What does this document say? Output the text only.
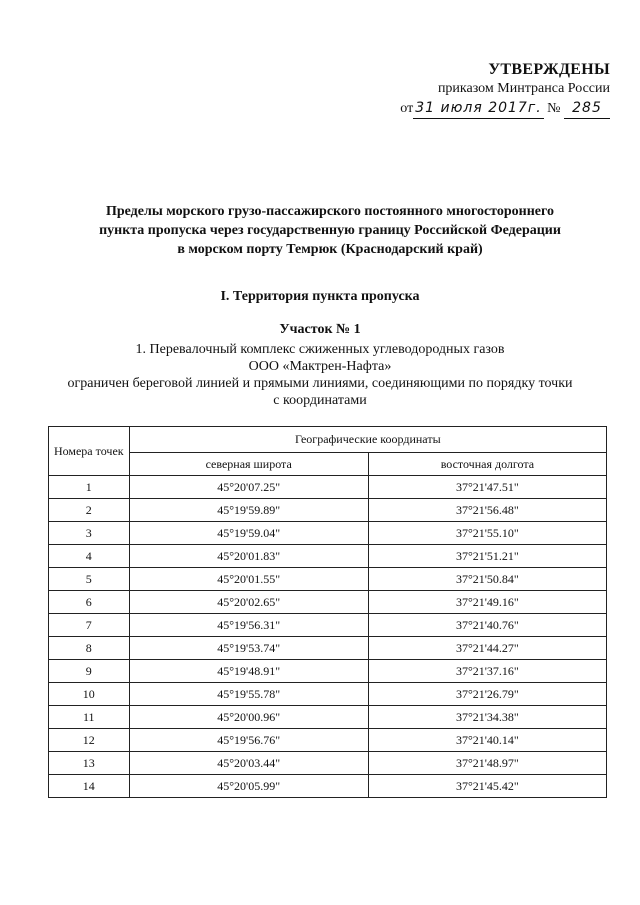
УТВЕРЖДЕНЫ
приказом Минтранса России
от 31 июля 2017г. № 285
Пределы морского грузо-пассажирского постоянного многостороннего
пункта пропуска через государственную границу Российской Федерации
в морском порту Темрюк (Краснодарский край)
I. Территория пункта пропуска
Участок № 1
1. Перевалочный комплекс сжиженных углеводородных газов
ООО «Мактрен-Нафта»
ограничен береговой линией и прямыми линиями, соединяющими по порядку точки
с координатами
Номера точек	Географические координаты	
	северная широта	восточная долгота
1	45°20'07.25"	37°21'47.51"
2	45°19'59.89"	37°21'56.48"
3	45°19'59.04"	37°21'55.10"
4	45°20'01.83"	37°21'51.21"
5	45°20'01.55"	37°21'50.84"
6	45°20'02.65"	37°21'49.16"
7	45°19'56.31"	37°21'40.76"
8	45°19'53.74"	37°21'44.27"
9	45°19'48.91"	37°21'37.16"
10	45°19'55.78"	37°21'26.79"
11	45°20'00.96"	37°21'34.38"
12	45°19'56.76"	37°21'40.14"
13	45°20'03.44"	37°21'48.97"
14	45°20'05.99"	37°21'45.42"
